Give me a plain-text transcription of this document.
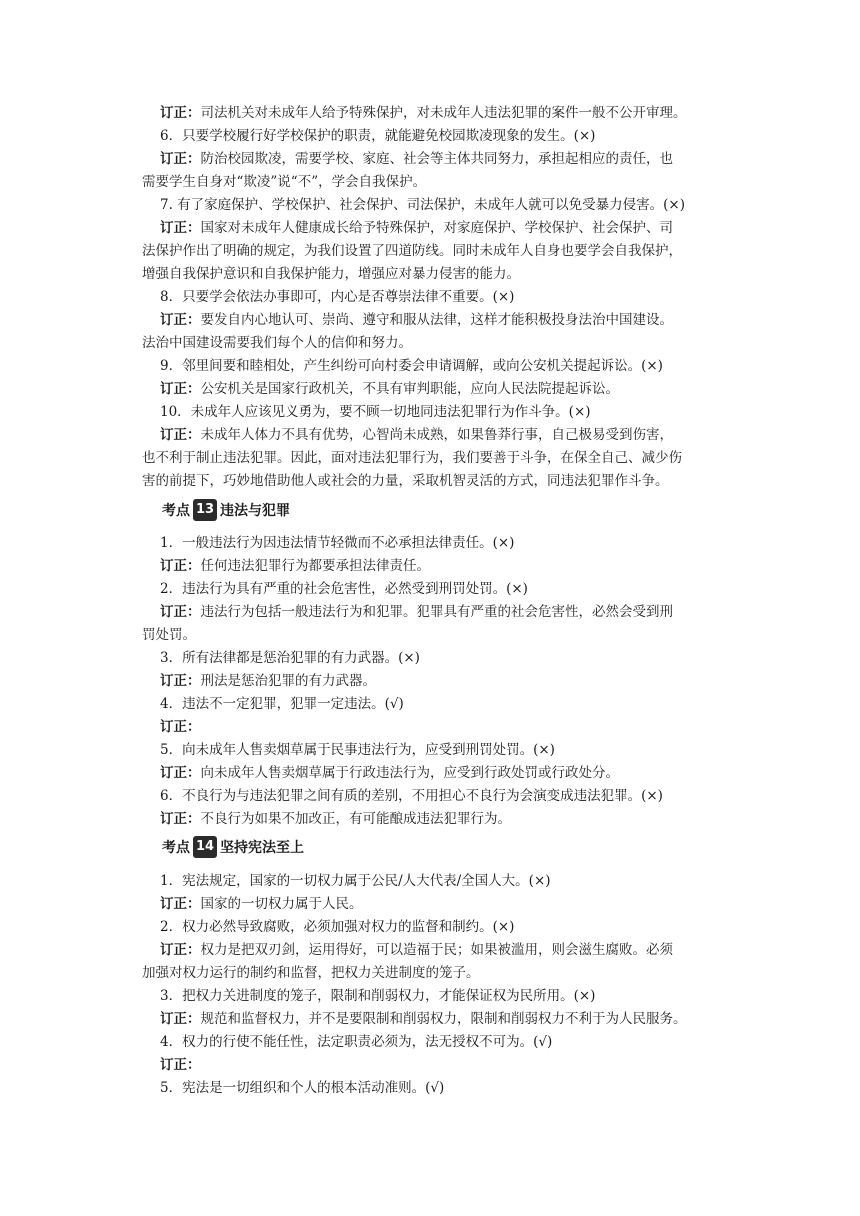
订正：司法机关对未成年人给予特殊保护，对未成年人违法犯罪的案件一般不公开审理。
6．只要学校履行好学校保护的职责，就能避免校园欺凌现象的发生。(×)
订正：防治校园欺凌，需要学校、家庭、社会等主体共同努力，承担起相应的责任，也
需要学生自身对“欺凌”说“不”，学会自我保护。
7. 有了家庭保护、学校保护、社会保护、司法保护，未成年人就可以免受暴力侵害。(×)
订正：国家对未成年人健康成长给予特殊保护，对家庭保护、学校保护、社会保护、司
法保护作出了明确的规定，为我们设置了四道防线。同时未成年人自身也要学会自我保护，
增强自我保护意识和自我保护能力，增强应对暴力侵害的能力。
8．只要学会依法办事即可，内心是否尊崇法律不重要。(×)
订正：要发自内心地认可、崇尚、遵守和服从法律，这样才能积极投身法治中国建设。
法治中国建设需要我们每个人的信仰和努力。
9．邻里间要和睦相处，产生纠纷可向村委会申请调解，或向公安机关提起诉讼。(×)
订正：公安机关是国家行政机关，不具有审判职能，应向人民法院提起诉讼。
10．未成年人应该见义勇为，要不顾一切地同违法犯罪行为作斗争。(×)
订正：未成年人体力不具有优势，心智尚未成熟，如果鲁莽行事，自己极易受到伤害，
也不利于制止违法犯罪。因此，面对违法犯罪行为，我们要善于斗争，在保全自己、减少伤
害的前提下，巧妙地借助他人或社会的力量，采取机智灵活的方式，同违法犯罪作斗争。
考点 13 违法与犯罪
1．一般违法行为因违法情节轻微而不必承担法律责任。(×)
订正：任何违法犯罪行为都要承担法律责任。
2．违法行为具有严重的社会危害性，必然受到刑罚处罚。(×)
订正：违法行为包括一般违法行为和犯罪。犯罪具有严重的社会危害性，必然会受到刑
罚处罚。
3．所有法律都是惩治犯罪的有力武器。(×)
订正：刑法是惩治犯罪的有力武器。
4．违法不一定犯罪，犯罪一定违法。(√)
订正：
5．向未成年人售卖烟草属于民事违法行为，应受到刑罚处罚。(×)
订正：向未成年人售卖烟草属于行政违法行为，应受到行政处罚或行政处分。
6．不良行为与违法犯罪之间有质的差别，不用担心不良行为会演变成违法犯罪。(×)
订正：不良行为如果不加改正，有可能酿成违法犯罪行为。
考点 14 坚持宪法至上
1．宪法规定，国家的一切权力属于公民/人大代表/全国人大。(×)
订正：国家的一切权力属于人民。
2．权力必然导致腐败，必须加强对权力的监督和制约。(×)
订正：权力是把双刃剑，运用得好，可以造福于民；如果被滥用，则会滋生腐败。必须
加强对权力运行的制约和监督，把权力关进制度的笼子。
3．把权力关进制度的笼子，限制和削弱权力，才能保证权为民所用。(×)
订正：规范和监督权力，并不是要限制和削弱权力，限制和削弱权力不利于为人民服务。
4．权力的行使不能任性，法定职责必须为，法无授权不可为。(√)
订正：
5．宪法是一切组织和个人的根本活动准则。(√)
